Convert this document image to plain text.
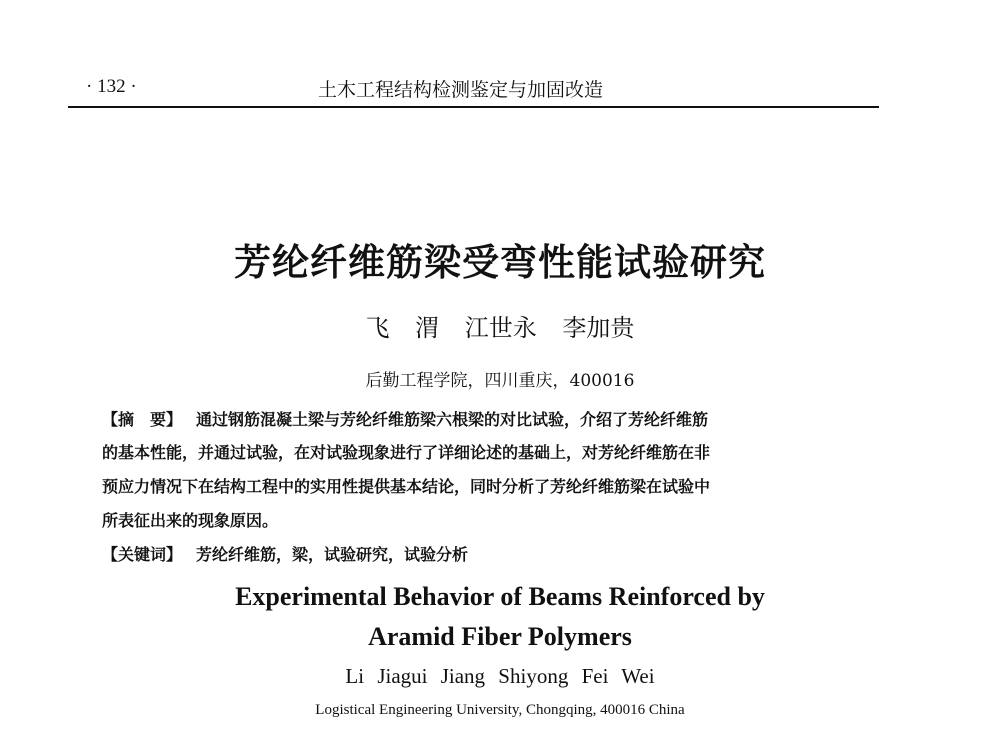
· 132 ·	土木工程结构检测鉴定与加固改造
芳纶纤维筋梁受弯性能试验研究
飞 渭 江世永 李加贵
后勤工程学院，四川重庆，400016
【摘　要】 通过钢筋混凝土梁与芳纶纤维筋梁六根梁的对比试验，介绍了芳纶纤维筋
的基本性能，并通过试验，在对试验现象进行了详细论述的基础上，对芳纶纤维筋在非
预应力情况下在结构工程中的实用性提供基本结论，同时分析了芳纶纤维筋梁在试验中
所表征出来的现象原因。
【关键词】 芳纶纤维筋，梁，试验研究，试验分析
Experimental Behavior of Beams Reinforced by
Aramid Fiber Polymers
Li Jiagui Jiang Shiyong Fei Wei
Logistical Engineering University, Chongqing, 400016 China
